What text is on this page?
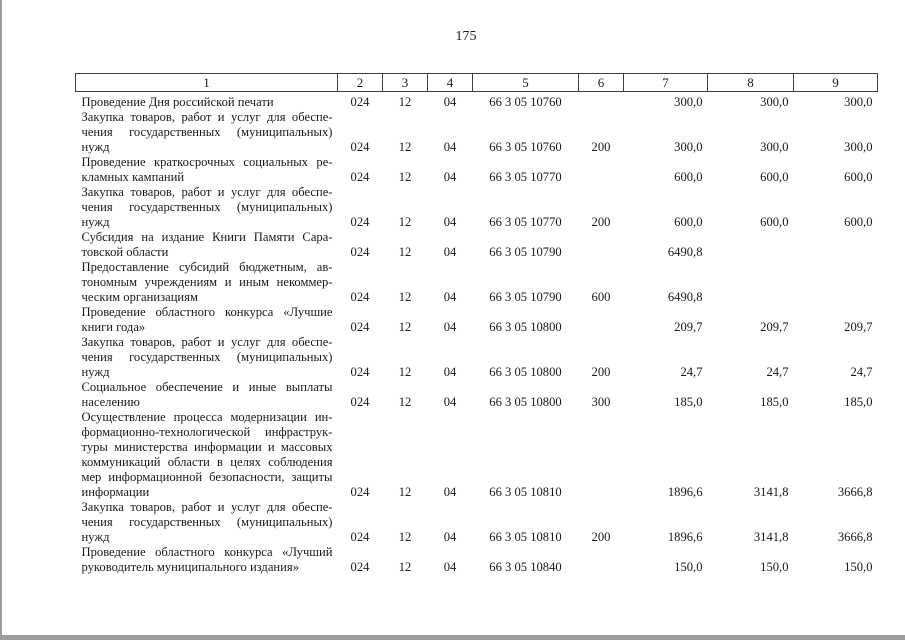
175
1	2	3	4	5	6	7	8	9

Проведение Дня российской печати	024	12	04	66 3 05 10760		300,0	300,0	300,0

Закупка товаров, работ и услуг для обеспе-
чения государственных (муниципальных)
нужд	024	12	04	66 3 05 10760	200	300,0	300,0	300,0

Проведение краткосрочных социальных ре-
кламных кампаний	024	12	04	66 3 05 10770		600,0	600,0	600,0

Закупка товаров, работ и услуг для обеспе-
чения государственных (муниципальных)
нужд	024	12	04	66 3 05 10770	200	600,0	600,0	600,0

Субсидия на издание Книги Памяти Сара-
товской области	024	12	04	66 3 05 10790		6490,8		

Предоставление субсидий бюджетным, ав-
тономным учреждениям и иным некоммер-
ческим организациям	024	12	04	66 3 05 10790	600	6490,8		

Проведение областного конкурса «Лучшие
книги года»	024	12	04	66 3 05 10800		209,7	209,7	209,7

Закупка товаров, работ и услуг для обеспе-
чения государственных (муниципальных)
нужд	024	12	04	66 3 05 10800	200	24,7	24,7	24,7

Социальное обеспечение и иные выплаты
населению	024	12	04	66 3 05 10800	300	185,0	185,0	185,0

Осуществление процесса модернизации ин-
формационно-технологической инфраструк-
туры министерства информации и массовых
коммуникаций области в целях соблюдения
мер информационной безопасности, защиты
информации	024	12	04	66 3 05 10810		1896,6	3141,8	3666,8

Закупка товаров, работ и услуг для обеспе-
чения государственных (муниципальных)
нужд	024	12	04	66 3 05 10810	200	1896,6	3141,8	3666,8

Проведение областного конкурса «Лучший
руководитель муниципального издания»	024	12	04	66 3 05 10840		150,0	150,0	150,0
